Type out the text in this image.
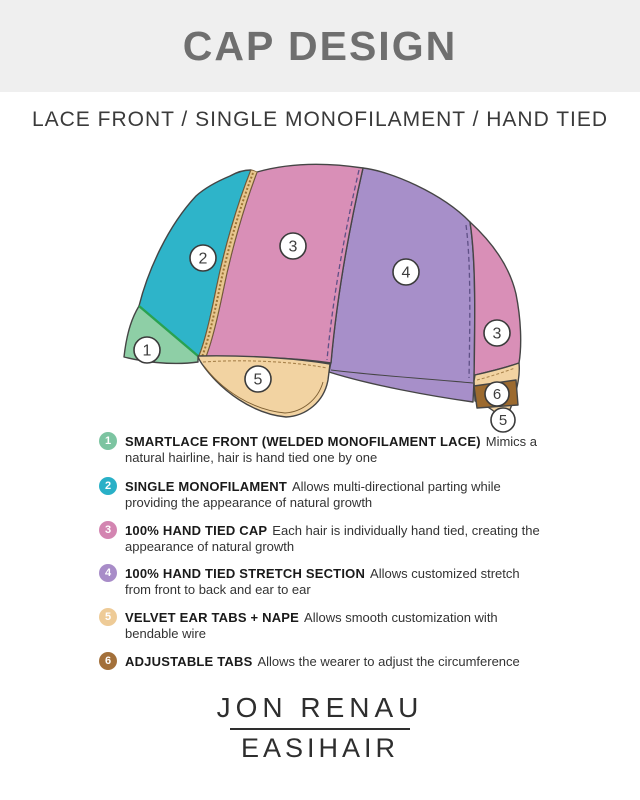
CAP DESIGN
LACE FRONT / SINGLE MONOFILAMENT / HAND TIED
1
2
3
4
3
5
6
5
1	SMARTLACE FRONT (WELDED MONOFILAMENT LACE) Mimics a natural hairline, hair is hand tied one by one

2	SINGLE MONOFILAMENT Allows multi-directional parting while providing the appearance of natural growth

3	100% HAND TIED CAP Each hair is individually hand tied, creating the appearance of natural growth

4	100% HAND TIED STRETCH SECTION Allows customized stretch from front to back and ear to ear

5	VELVET EAR TABS + NAPE Allows smooth customization with bendable wire

6	ADJUSTABLE TABS Allows the wearer to adjust the circumference

JON RENAU
EASIHAIR
